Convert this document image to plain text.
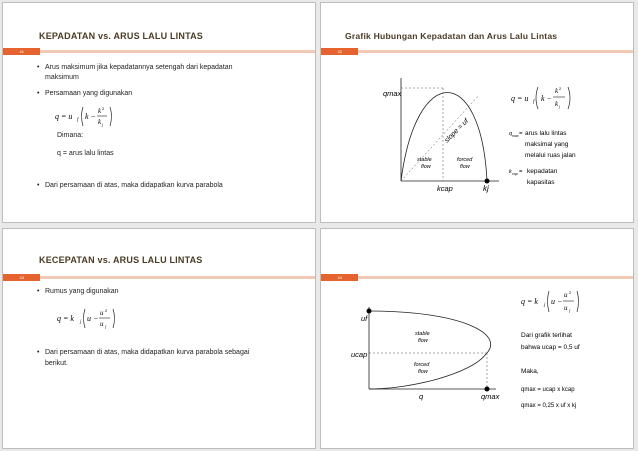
KEPADATAN vs. ARUS LALU LINTAS
41
• Arus maksimum jika kepadatannya setengah dari kepadatan
maksimum
• Persamaan yang digunakan
q = u f k −
k 2
k j
Dimana:
q = arus lalu lintas
• Dari persamaan di atas, maka didapatkan kurva parabola
Grafik Hubungan Kepadatan dan Arus Lalu Lintas
42
qmax
kcap	kj
slope = uf
stable
flow
forced
flow
q = u f k −
k 2
k j
q max = arus lalu lintas
maksimal yang
melalui ruas jalan
k cap = kepadatan
kapasitas
KECEPATAN vs. ARUS LALU LINTAS
43
• Rumus yang digunakan
q = k j u −
u 2
u f
• Dari persamaan di atas, maka didapatkan kurva parabola sebagai
berikut.
44
uf
ucap
q	qmax
stable
flow
forced
flow
q = k j u −
u 2
u f
Dari grafik terlihat
bahwa ucap = 0,5 uf
Maka,
qmax = ucap x kcap
qmax = 0,25 x uf x kj
